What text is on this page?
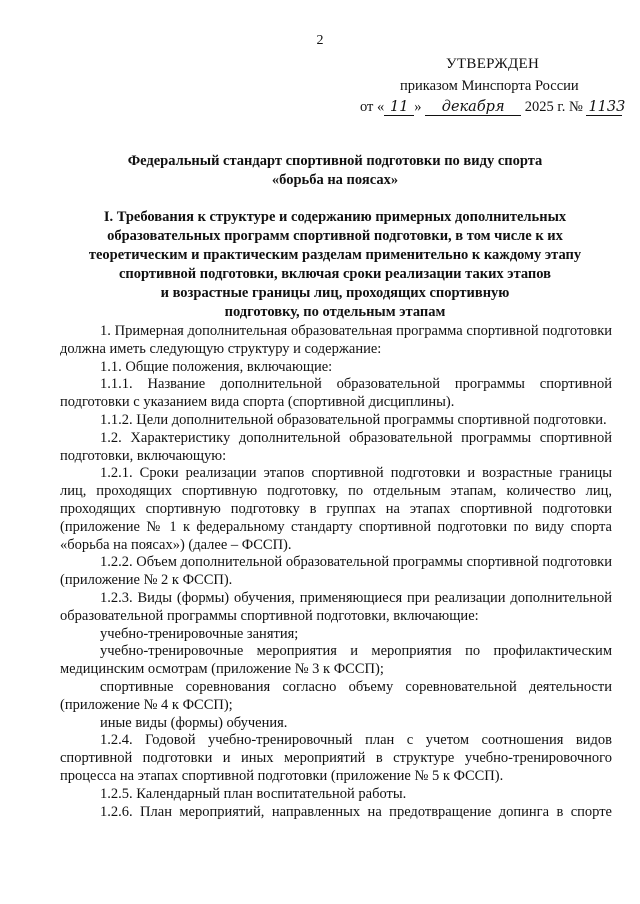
2
УТВЕРЖДЕН
приказом Минспорта России
от « 11 » декабря 2025 г. № 1133
Федеральный стандарт спортивной подготовки по виду спорта
«борьба на поясах»
I. Требования к структуре и содержанию примерных дополнительных
образовательных программ спортивной подготовки, в том числе к их
теоретическим и практическим разделам применительно к каждому этапу
спортивной подготовки, включая сроки реализации таких этапов
и возрастные границы лиц, проходящих спортивную
подготовку, по отдельным этапам

1. Примерная дополнительная образовательная программа спортивной подготовки должна иметь следующую структуру и содержание:

1.1. Общие положения, включающие:

1.1.1. Название дополнительной образовательной программы спортивной подготовки с указанием вида спорта (спортивной дисциплины).

1.1.2. Цели дополнительной образовательной программы спортивной подготовки.

1.2. Характеристику дополнительной образовательной программы спортивной подготовки, включающую:

1.2.1. Сроки реализации этапов спортивной подготовки и возрастные границы лиц, проходящих спортивную подготовку, по отдельным этапам, количество лиц, проходящих спортивную подготовку в группах на этапах спортивной подготовки (приложение № 1 к федеральному стандарту спортивной подготовки по виду спорта «борьба на поясах») (далее – ФССП).

1.2.2. Объем дополнительной образовательной программы спортивной подготовки (приложение № 2 к ФССП).

1.2.3. Виды (формы) обучения, применяющиеся при реализации дополнительной образовательной программы спортивной подготовки, включающие:

учебно-тренировочные занятия;

учебно-тренировочные мероприятия и мероприятия по профилактическим медицинским осмотрам (приложение № 3 к ФССП);

спортивные соревнования согласно объему соревновательной деятельности (приложение № 4 к ФССП);

иные виды (формы) обучения.

1.2.4. Годовой учебно-тренировочный план с учетом соотношения видов спортивной подготовки и иных мероприятий в структуре учебно-тренировочного процесса на этапах спортивной подготовки (приложение № 5 к ФССП).

1.2.5. Календарный план воспитательной работы.

1.2.6. План мероприятий, направленных на предотвращение допинга в спорте
